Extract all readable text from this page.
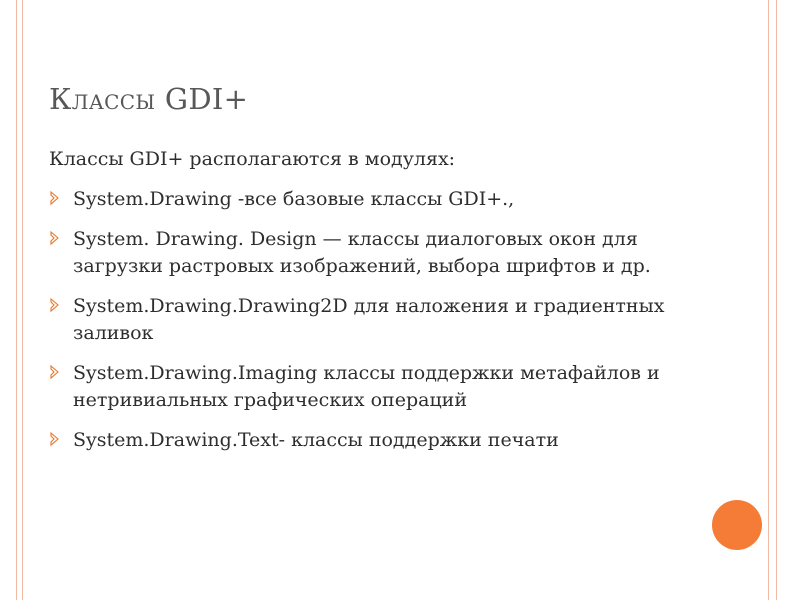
Классы GDI+
Классы GDI+ располагаются в модулях:
System.Drawing -все базовые классы GDI+.,
System. Drawing. Design — классы диалоговых окон для загрузки растровых изображений, выбора шрифтов и др.
System.Drawing.Drawing2D для наложения и градиентных заливок
System.Drawing.Imaging классы поддержки метафайлов и нетривиальных графических операций
System.Drawing.Text- классы поддержки печати
